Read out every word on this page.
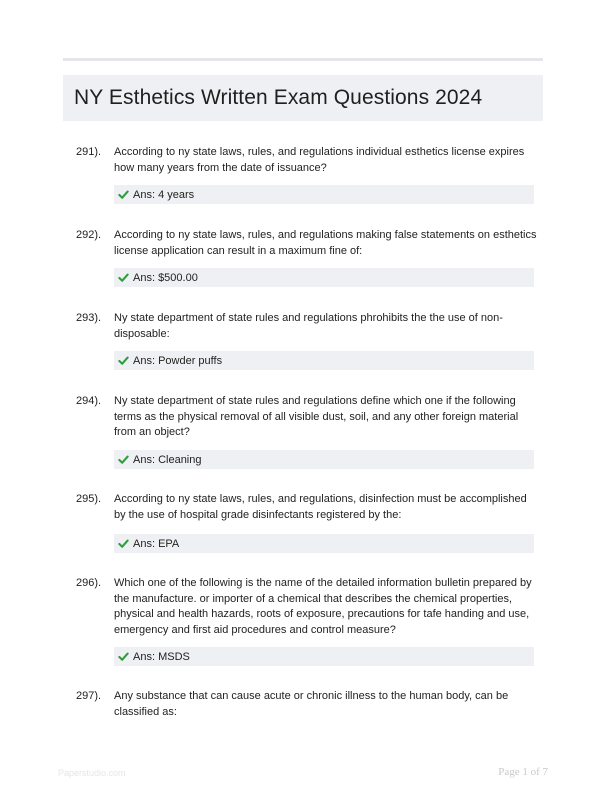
NY Esthetics Written Exam Questions 2024
291). According to ny state laws, rules, and regulations individual esthetics license expires how many years from the date of issuance?

Ans: 4 years
292). According to ny state laws, rules, and regulations making false statements on esthetics license application can result in a maximum fine of:

Ans: $500.00
293). Ny state department of state rules and regulations phrohibits the the use of non-disposable:

Ans: Powder puffs
294). Ny state department of state rules and regulations define which one if the following terms as the physical removal of all visible dust, soil, and any other foreign material from an object?

Ans: Cleaning
295). According to ny state laws, rules, and regulations, disinfection must be accomplished by the use of hospital grade disinfectants registered by the:

Ans: EPA
296). Which one of the following is the name of the detailed information bulletin prepared by the manufacture. or importer of a chemical that describes the chemical properties, physical and health hazards, roots of exposure, precautions for tafe handing and use, emergency and first aid procedures and control measure?

Ans: MSDS
297). Any substance that can cause acute or chronic illness to the human body, can be classified as:

Paperstudio.com	Page 1 of 7
